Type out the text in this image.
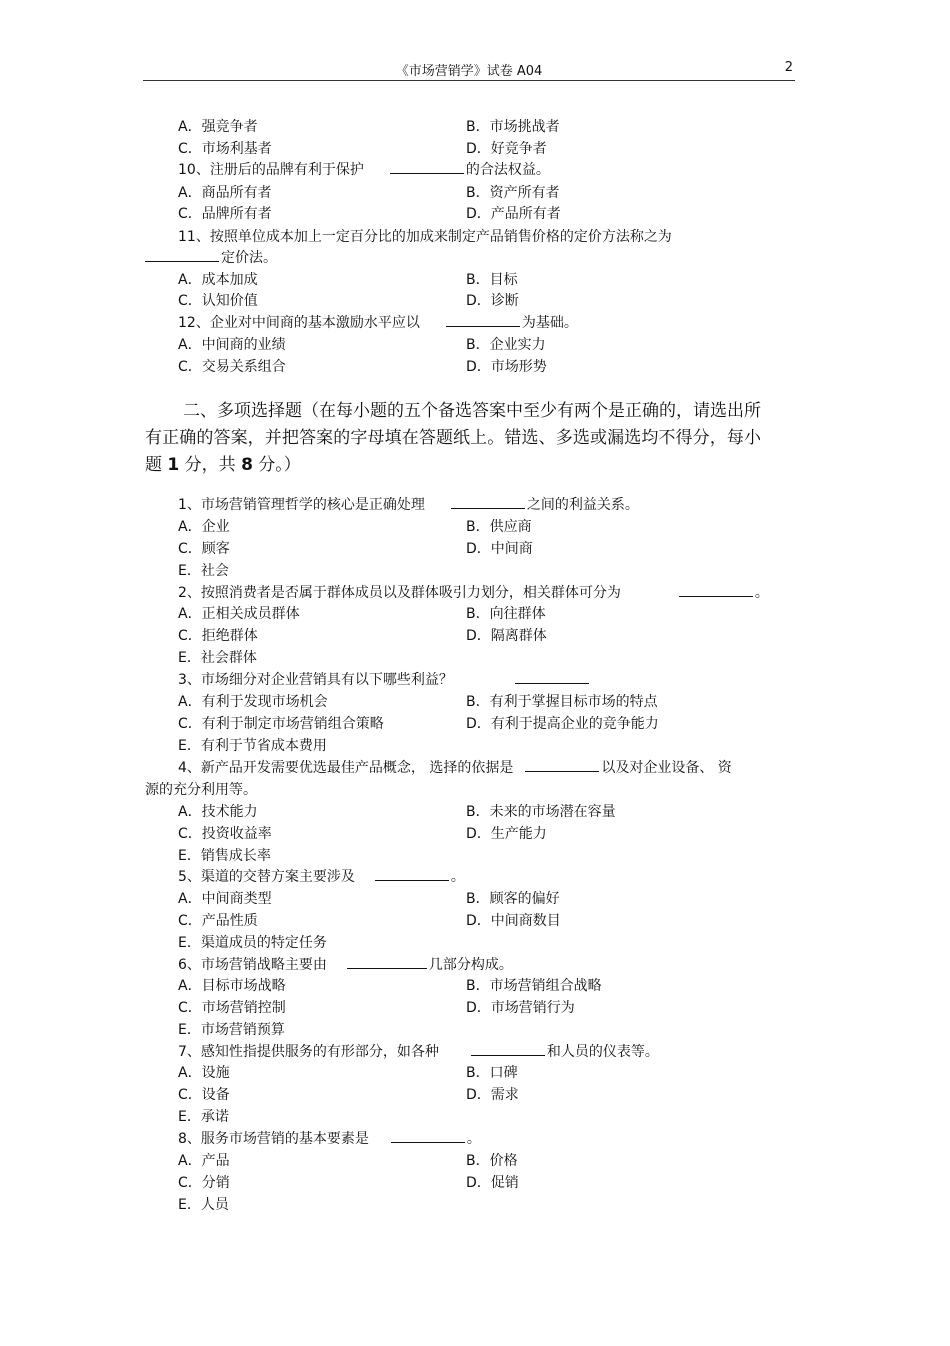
《市场营销学》试卷 A04	2
A．强竞争者	B．市场挑战者
C．市场利基者	D．好竞争者
10、注册后的品牌有利于保护	的合法权益。
A．商品所有者	B．资产所有者
C．品牌所有者	D．产品所有者
11、按照单位成本加上一定百分比的加成来制定产品销售价格的定价方法称之为
定价法。
A．成本加成	B．目标
C．认知价值	D．诊断
12、企业对中间商的基本激励水平应以	为基础。
A．中间商的业绩	B．企业实力
C．交易关系组合	D．市场形势
二、多项选择题（在每小题的五个备选答案中至少有两个是正确的，请选出所有正确的答案，并把答案的字母填在答题纸上。错选、多选或漏选均不得分，每小题 1 分，共 8 分。）
1、市场营销管理哲学的核心是正确处理	之间的利益关系。
A．企业	B．供应商
C．顾客	D．中间商
E．社会
2、按照消费者是否属于群体成员以及群体吸引力划分，相关群体可分为	。
A．正相关成员群体	B．向往群体
C．拒绝群体	D．隔离群体
E．社会群体
3、市场细分对企业营销具有以下哪些利益？
A．有利于发现市场机会	B．有利于掌握目标市场的特点
C．有利于制定市场营销组合策略	D．有利于提高企业的竞争能力
E．有利于节省成本费用
4、新产品开发需要优选最佳产品概念， 选择的依据是	以及对企业设备、 资
源的充分利用等。
A．技术能力	B．未来的市场潜在容量
C．投资收益率	D．生产能力
E．销售成长率
5、渠道的交替方案主要涉及	。
A．中间商类型	B．顾客的偏好
C．产品性质	D．中间商数目
E．渠道成员的特定任务
6、市场营销战略主要由	几部分构成。
A．目标市场战略	B．市场营销组合战略
C．市场营销控制	D．市场营销行为
E．市场营销预算
7、感知性指提供服务的有形部分，如各种	和人员的仪表等。
A．设施	B．口碑
C．设备	D．需求
E．承诺
8、服务市场营销的基本要素是	。
A．产品	B．价格
C．分销	D．促销
E．人员
